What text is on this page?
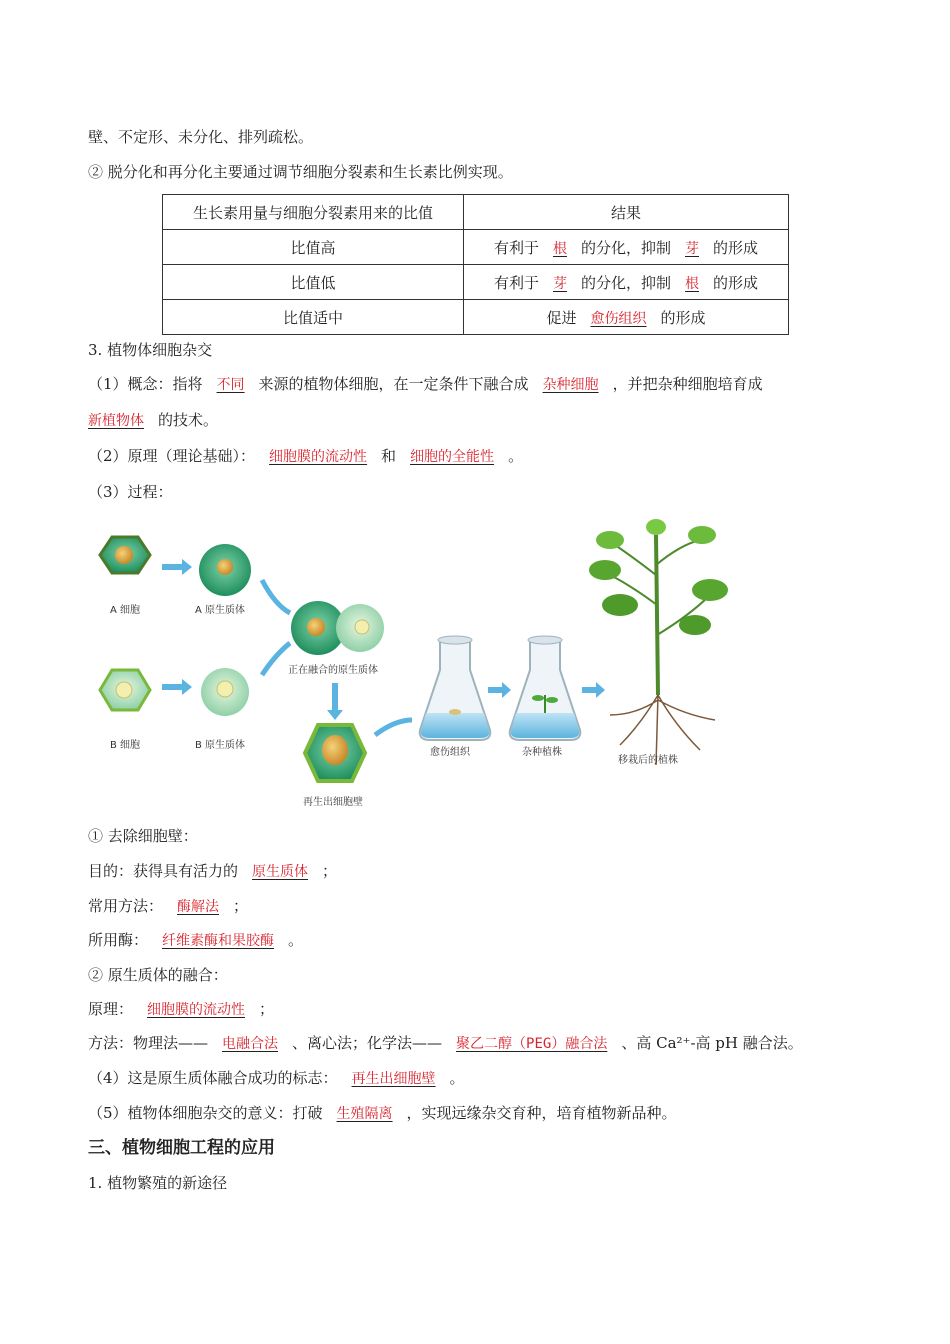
壁、不定形、未分化、排列疏松。
② 脱分化和再分化主要通过调节细胞分裂素和生长素比例实现。
生长素用量与细胞分裂素用来的比值	结果
比值高	有利于 根 的分化，抑制 芽 的形成
比值低	有利于 芽 的分化，抑制 根 的形成
比值适中	促进 愈伤组织 的形成
3. 植物体细胞杂交
（1）概念：指将 不同 来源的植物体细胞，在一定条件下融合成 杂种细胞 ，并把杂种细胞培育成
新植物体 的技术。
（2）原理（理论基础）： 细胞膜的流动性 和 细胞的全能性 。
（3）过程：
A 细胞	A 原生质体
B 细胞	B 原生质体
正在融合的原生质体
再生出细胞壁
愈伤组织	杂种植株
移栽后的植株
① 去除细胞壁：
目的：获得具有活力的 原生质体 ；
常用方法： 酶解法 ；
所用酶： 纤维素酶和果胶酶 。
② 原生质体的融合：
原理： 细胞膜的流动性 ；
方法：物理法—— 电融合法 、离心法；化学法—— 聚乙二醇（PEG）融合法 、高 Ca²⁺-高 pH 融合法。
（4）这是原生质体融合成功的标志： 再生出细胞壁 。
（5）植物体细胞杂交的意义：打破 生殖隔离 ，实现远缘杂交育种，培育植物新品种。
三、植物细胞工程的应用
1. 植物繁殖的新途径
